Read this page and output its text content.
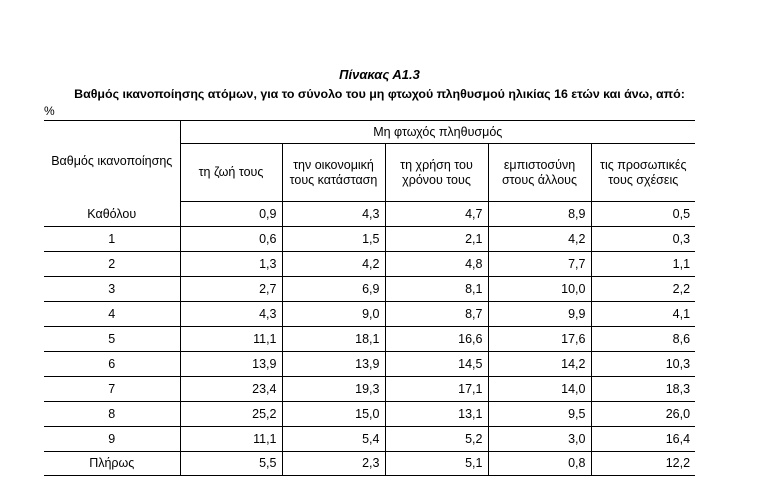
Πίνακας Α1.3
Βαθμός ικανοποίησης ατόμων, για το σύνολο του μη φτωχού πληθυσμού ηλικίας 16 ετών και άνω, από:
%
Βαθμός ικανοποίησης	Μη φτωχός πληθυσμός				
	τη ζωή τους	την οικονομική τους κατάσταση	τη χρήση του χρόνου τους	εμπιστοσύνη στους άλλους	τις προσωπικές τους σχέσεις
Καθόλου	0,9	4,3	4,7	8,9	0,5
1	0,6	1,5	2,1	4,2	0,3
2	1,3	4,2	4,8	7,7	1,1
3	2,7	6,9	8,1	10,0	2,2
4	4,3	9,0	8,7	9,9	4,1
5	11,1	18,1	16,6	17,6	8,6
6	13,9	13,9	14,5	14,2	10,3
7	23,4	19,3	17,1	14,0	18,3
8	25,2	15,0	13,1	9,5	26,0
9	11,1	5,4	5,2	3,0	16,4
Πλήρως	5,5	2,3	5,1	0,8	12,2
